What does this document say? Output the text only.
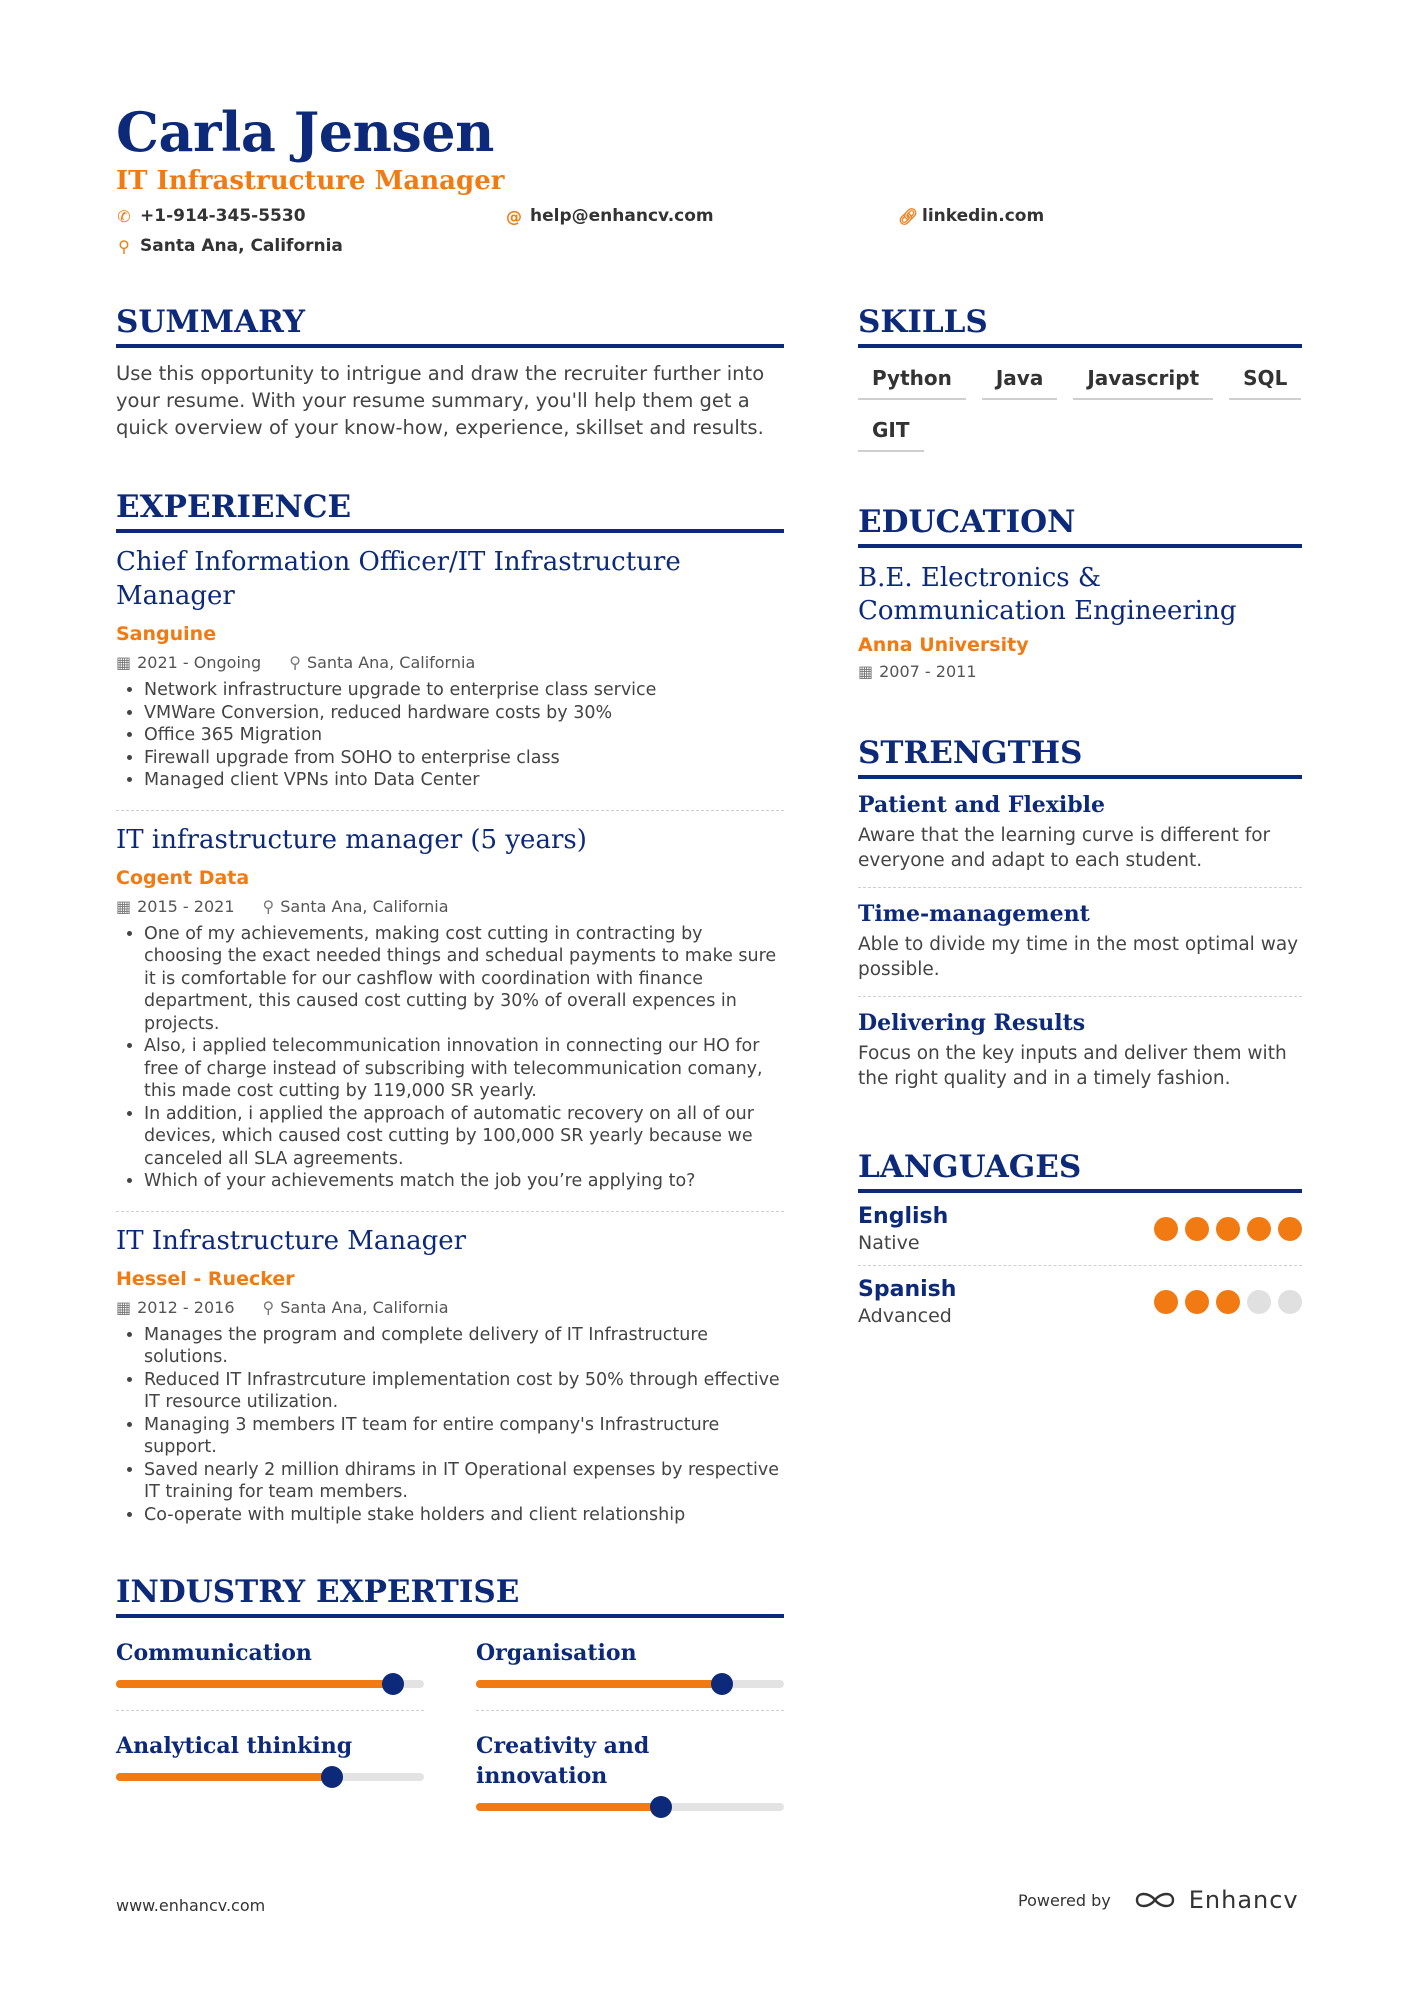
Carla Jensen
IT Infrastructure Manager
✆ +1-914-345-5530	@ help@enhancv.com	🔗︎ linkedin.com
⚲ Santa Ana, California
SUMMARY
Use this opportunity to intrigue and draw the recruiter further into your resume. With your resume summary, you'll help them get a quick overview of your know-how, experience, skillset and results.
EXPERIENCE
Chief Information Officer/IT Infrastructure Manager
Sanguine
▦ 2021 - Ongoing ⚲ Santa Ana, California
• Network infrastructure upgrade to enterprise class service
• VMWare Conversion, reduced hardware costs by 30%
• Office 365 Migration
• Firewall upgrade from SOHO to enterprise class
• Managed client VPNs into Data Center
IT infrastructure manager (5 years)
Cogent Data
▦ 2015 - 2021 ⚲ Santa Ana, California
• One of my achievements, making cost cutting in contracting by choosing the exact needed things and schedual payments to make sure it is comfortable for our cashflow with coordination with finance department, this caused cost cutting by 30% of overall expences in projects.
• Also, i applied telecommunication innovation in connecting our HO for free of charge instead of subscribing with telecommunication comany, this made cost cutting by 119,000 SR yearly.
• In addition, i applied the approach of automatic recovery on all of our devices, which caused cost cutting by 100,000 SR yearly because we canceled all SLA agreements.
• Which of your achievements match the job you’re applying to?
IT Infrastructure Manager
Hessel - Ruecker
▦ 2012 - 2016 ⚲ Santa Ana, California
• Manages the program and complete delivery of IT Infrastructure solutions.
• Reduced IT Infrastrcuture implementation cost by 50% through effective IT resource utilization.
• Managing 3 members IT team for entire company's Infrastructure support.
• Saved nearly 2 million dhirams in IT Operational expenses by respective IT training for team members.
• Co-operate with multiple stake holders and client relationship
INDUSTRY EXPERTISE
Communication	Organisation
Analytical thinking	Creativity and innovation
SKILLS
Python	Java	Javascript	SQL
GIT
EDUCATION
B.E. Electronics & Communication Engineering
Anna University
▦ 2007 - 2011
STRENGTHS
Patient and Flexible
Aware that the learning curve is different for everyone and adapt to each student.
Time-management
Able to divide my time in the most optimal way possible.
Delivering Results
Focus on the key inputs and deliver them with the right quality and in a timely fashion.
LANGUAGES
English
Native
Spanish
Advanced
www.enhancv.com	Powered by	Enhancv
